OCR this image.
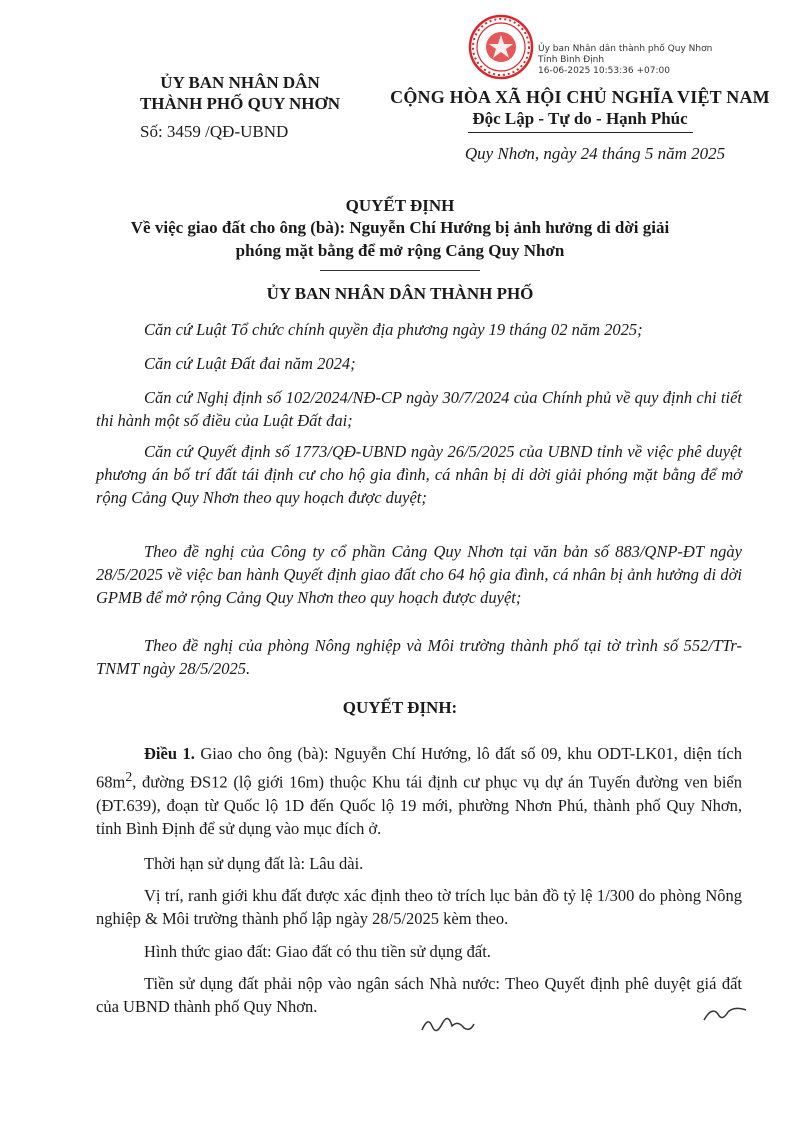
ỦY BAN NHÂN DÂN
THÀNH PHỐ QUY NHƠN
Số: 3459 /QĐ-UBND
Ủy ban Nhân dân thành phố Quy Nhơn
Tỉnh Bình Định
16-06-2025 10:53:36 +07:00
CỘNG HÒA XÃ HỘI CHỦ NGHĨA VIỆT NAM
Độc Lập - Tự do - Hạnh Phúc
Quy Nhơn, ngày 24 tháng 5 năm 2025
QUYẾT ĐỊNH
Về việc giao đất cho ông (bà): Nguyễn Chí Hướng bị ảnh hưởng di dời giải phóng mặt bằng để mở rộng Cảng Quy Nhơn
ỦY BAN NHÂN DÂN THÀNH PHỐ
Căn cứ Luật Tổ chức chính quyền địa phương ngày 19 tháng 02 năm 2025;
Căn cứ Luật Đất đai năm 2024;
Căn cứ Nghị định số 102/2024/NĐ-CP ngày 30/7/2024 của Chính phủ về quy định chi tiết thi hành một số điều của Luật Đất đai;
Căn cứ Quyết định số 1773/QĐ-UBND ngày 26/5/2025 của UBND tỉnh về việc phê duyệt phương án bố trí đất tái định cư cho hộ gia đình, cá nhân bị di dời giải phóng mặt bằng để mở rộng Cảng Quy Nhơn theo quy hoạch được duyệt;
Theo đề nghị của Công ty cổ phần Cảng Quy Nhơn tại văn bản số 883/QNP-ĐT ngày 28/5/2025 về việc ban hành Quyết định giao đất cho 64 hộ gia đình, cá nhân bị ảnh hưởng di dời GPMB để mở rộng Cảng Quy Nhơn theo quy hoạch được duyệt;
Theo đề nghị của phòng Nông nghiệp và Môi trường thành phố tại tờ trình số 552/TTr-TNMT ngày 28/5/2025.
QUYẾT ĐỊNH:
Điều 1. Giao cho ông (bà): Nguyễn Chí Hướng, lô đất số 09, khu ODT-LK01, diện tích $68m^2$, đường ĐS12 (lộ giới 16m) thuộc Khu tái định cư phục vụ dự án Tuyến đường ven biển (ĐT.639), đoạn từ Quốc lộ 1D đến Quốc lộ 19 mới, phường Nhơn Phú, thành phố Quy Nhơn, tỉnh Bình Định để sử dụng vào mục đích ở.
Thời hạn sử dụng đất là: Lâu dài.
Vị trí, ranh giới khu đất được xác định theo tờ trích lục bản đồ tỷ lệ 1/300 do phòng Nông nghiệp & Môi trường thành phố lập ngày 28/5/2025 kèm theo.
Hình thức giao đất: Giao đất có thu tiền sử dụng đất.
Tiền sử dụng đất phải nộp vào ngân sách Nhà nước: Theo Quyết định phê duyệt giá đất của UBND thành phố Quy Nhơn.
